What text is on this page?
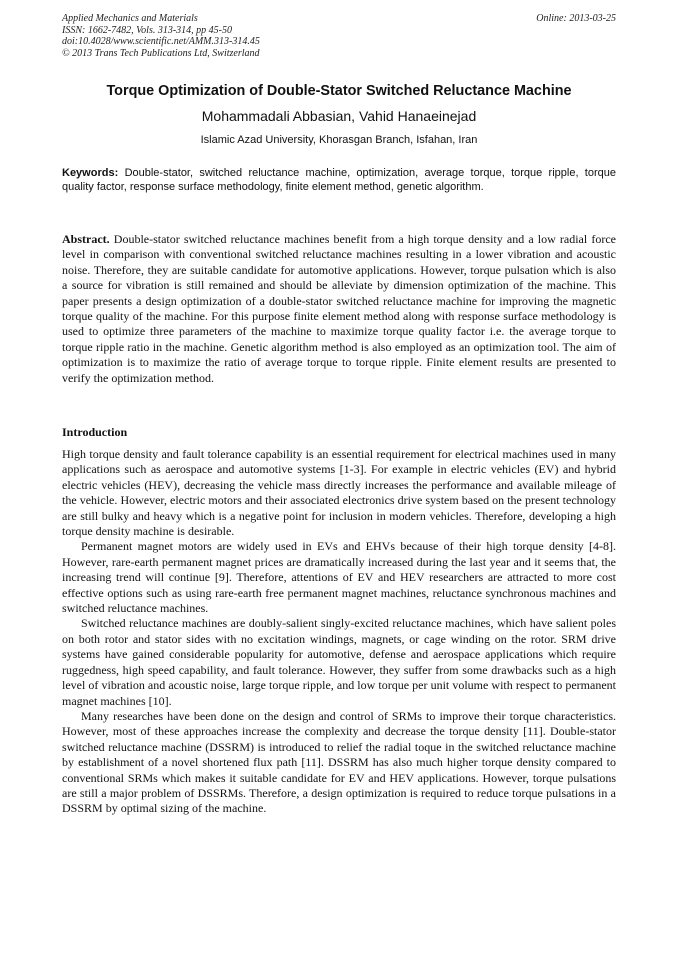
Applied Mechanics and Materials
ISSN: 1662-7482, Vols. 313-314, pp 45-50
doi:10.4028/www.scientific.net/AMM.313-314.45
© 2013 Trans Tech Publications Ltd, Switzerland
Online: 2013-03-25
Torque Optimization of Double-Stator Switched Reluctance Machine
Mohammadali Abbasian, Vahid Hanaeinejad
Islamic Azad University, Khorasgan Branch, Isfahan, Iran
Keywords: Double-stator, switched reluctance machine, optimization, average torque, torque ripple, torque quality factor, response surface methodology, finite element method, genetic algorithm.
Abstract. Double-stator switched reluctance machines benefit from a high torque density and a low radial force level in comparison with conventional switched reluctance machines resulting in a lower vibration and acoustic noise. Therefore, they are suitable candidate for automotive applications. However, torque pulsation which is also a source for vibration is still remained and should be alleviate by dimension optimization of the machine. This paper presents a design optimization of a double-stator switched reluctance machine for improving the magnetic torque quality of the machine. For this purpose finite element method along with response surface methodology is used to optimize three parameters of the machine to maximize torque quality factor i.e. the average torque to torque ripple ratio in the machine. Genetic algorithm method is also employed as an optimization tool. The aim of optimization is to maximize the ratio of average torque to torque ripple. Finite element results are presented to verify the optimization method.
Introduction

High torque density and fault tolerance capability is an essential requirement for electrical machines used in many applications such as aerospace and automotive systems [1-3]. For example in electric vehicles (EV) and hybrid electric vehicles (HEV), decreasing the vehicle mass directly increases the performance and available mileage of the vehicle. However, electric motors and their associated electronics drive system based on the present technology are still bulky and heavy which is a negative point for inclusion in modern vehicles. Therefore, developing a high torque density machine is desirable.

Permanent magnet motors are widely used in EVs and EHVs because of their high torque density [4-8]. However, rare-earth permanent magnet prices are dramatically increased during the last year and it seems that, the increasing trend will continue [9]. Therefore, attentions of EV and HEV researchers are attracted to more cost effective options such as using rare-earth free permanent magnet machines, reluctance synchronous machines and switched reluctance machines.

Switched reluctance machines are doubly-salient singly-excited reluctance machines, which have salient poles on both rotor and stator sides with no excitation windings, magnets, or cage winding on the rotor. SRM drive systems have gained considerable popularity for automotive, defense and aerospace applications which require ruggedness, high speed capability, and fault tolerance. However, they suffer from some drawbacks such as a high level of vibration and acoustic noise, large torque ripple, and low torque per unit volume with respect to permanent magnet machines [10].

Many researches have been done on the design and control of SRMs to improve their torque characteristics. However, most of these approaches increase the complexity and decrease the torque density [11]. Double-stator switched reluctance machine (DSSRM) is introduced to relief the radial toque in the switched reluctance machine by establishment of a novel shortened flux path [11]. DSSRM has also much higher torque density compared to conventional SRMs which makes it suitable candidate for EV and HEV applications. However, torque pulsations are still a major problem of DSSRMs. Therefore, a design optimization is required to reduce torque pulsations in a DSSRM by optimal sizing of the machine.
